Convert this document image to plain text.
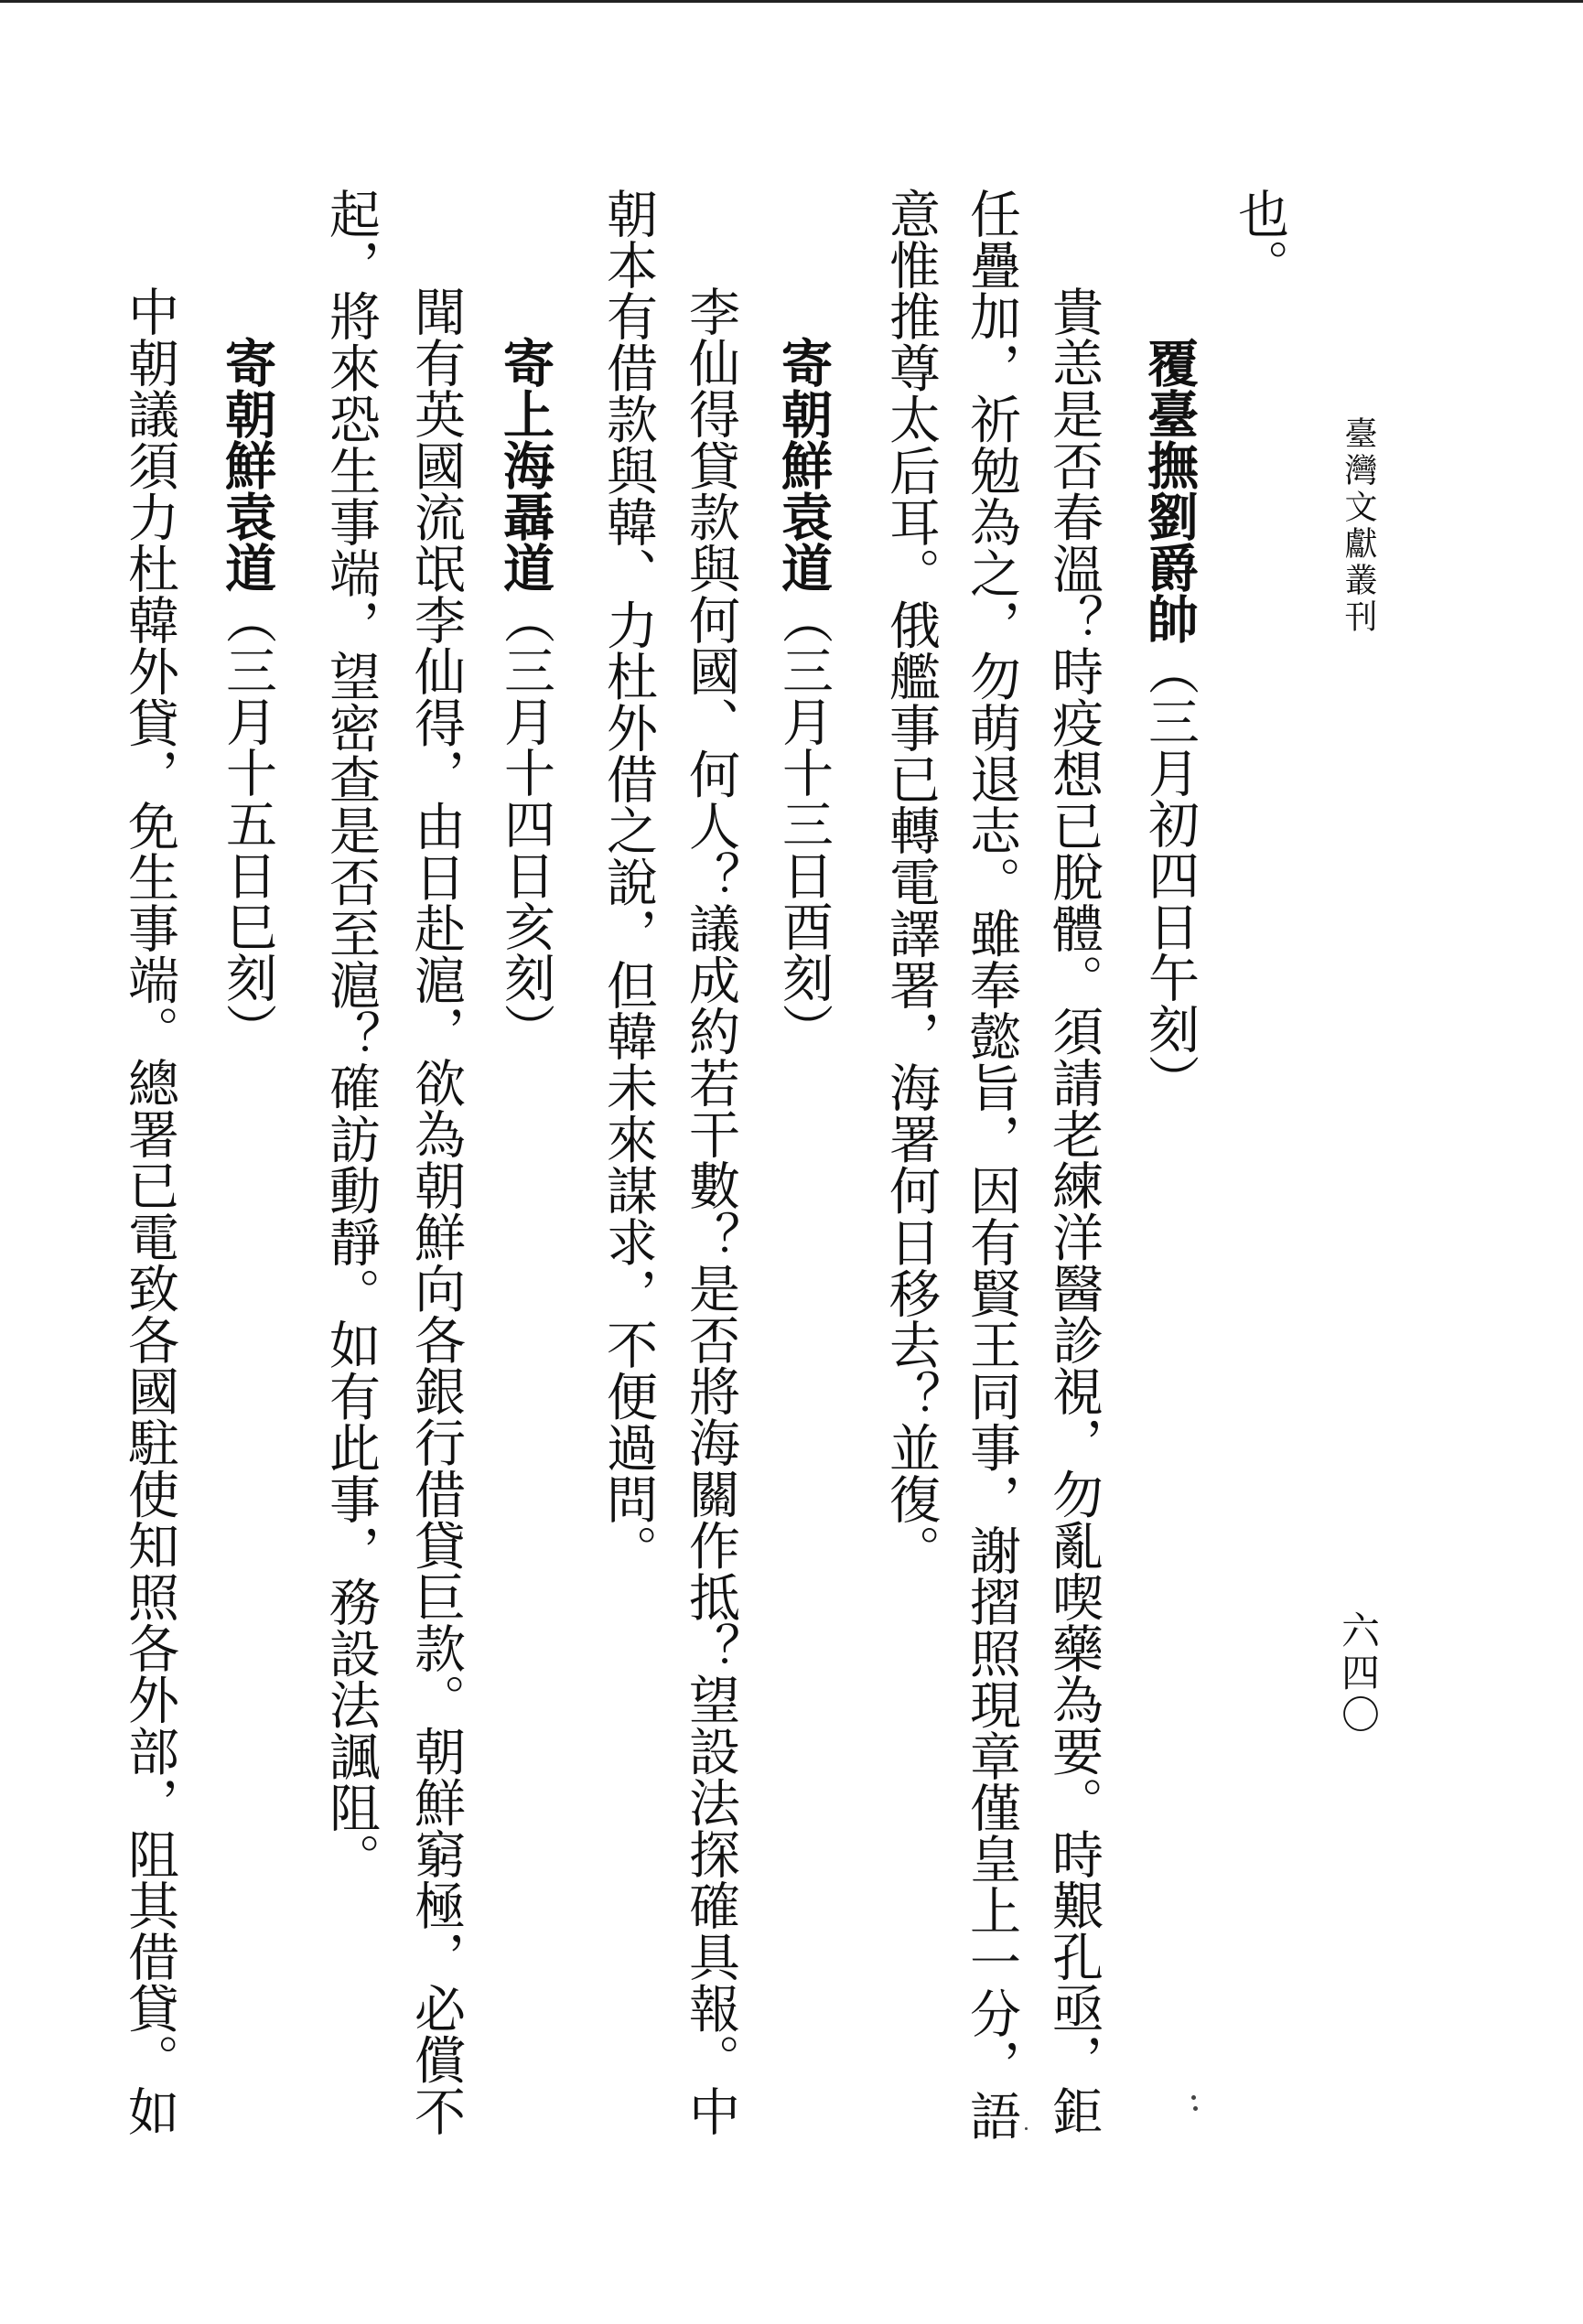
臺灣文獻叢刊
六四〇
也。
覆臺撫劉爵帥（三月初四日午刻）
貴恙是否春溫？時疫想已脫體。須請老練洋醫診視，勿亂喫藥為要。時艱孔亟，鉅
任疊加，祈勉為之，勿萌退志。雖奉懿旨，因有賢王同事，謝摺照現章僅皇上一分，語
意惟推尊太后耳。俄艦事已轉電譯署，海署何日移去？並復。
寄朝鮮袁道（三月十三日酉刻）
李仙得貸款與何國、何人？議成約若干數？是否將海關作抵？望設法探確具報。中
朝本有借款與韓、力杜外借之說，但韓未來謀求，不便過問。
寄上海聶道（三月十四日亥刻）
聞有英國流氓李仙得，由日赴滬，欲為朝鮮向各銀行借貸巨款。朝鮮窮極，必償不
起，將來恐生事端，望密查是否至滬？確訪動靜。如有此事，務設法諷阻。
寄朝鮮袁道（三月十五日巳刻）
中朝議須力杜韓外貸，免生事端。總署已電致各國駐使知照各外部，阻其借貸。如
